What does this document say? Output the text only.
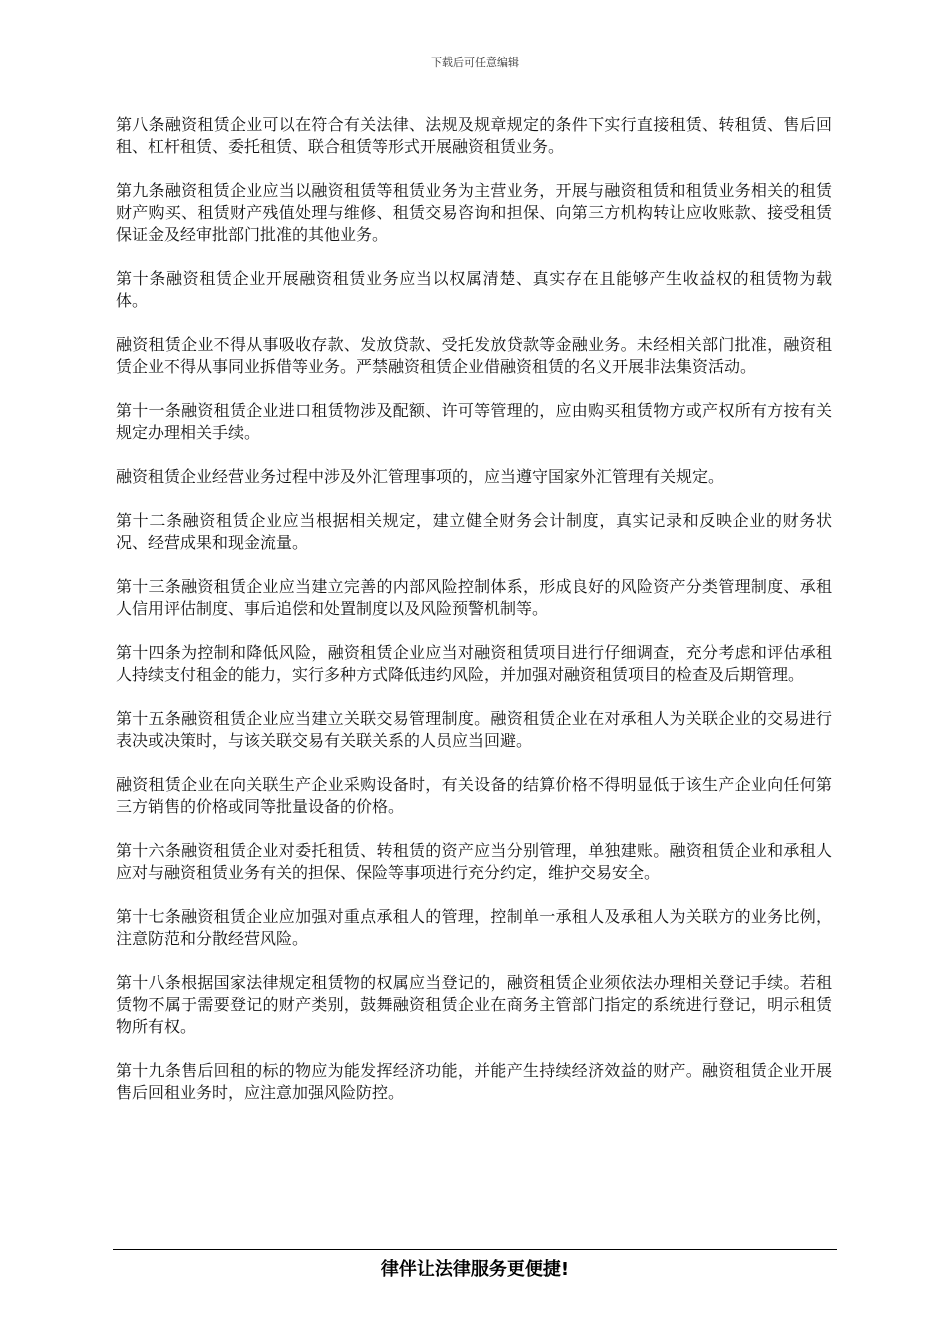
下载后可任意编辑

第八条融资租赁企业可以在符合有关法律、法规及规章规定的条件下实行直接租赁、转租赁、售后回租、杠杆租赁、委托租赁、联合租赁等形式开展融资租赁业务。

第九条融资租赁企业应当以融资租赁等租赁业务为主营业务，开展与融资租赁和租赁业务相关的租赁财产购买、租赁财产残值处理与维修、租赁交易咨询和担保、向第三方机构转让应收账款、接受租赁保证金及经审批部门批准的其他业务。

第十条融资租赁企业开展融资租赁业务应当以权属清楚、真实存在且能够产生收益权的租赁物为载体。

融资租赁企业不得从事吸收存款、发放贷款、受托发放贷款等金融业务。未经相关部门批准，融资租赁企业不得从事同业拆借等业务。严禁融资租赁企业借融资租赁的名义开展非法集资活动。

第十一条融资租赁企业进口租赁物涉及配额、许可等管理的，应由购买租赁物方或产权所有方按有关规定办理相关手续。

融资租赁企业经营业务过程中涉及外汇管理事项的，应当遵守国家外汇管理有关规定。

第十二条融资租赁企业应当根据相关规定，建立健全财务会计制度，真实记录和反映企业的财务状况、经营成果和现金流量。

第十三条融资租赁企业应当建立完善的内部风险控制体系，形成良好的风险资产分类管理制度、承租人信用评估制度、事后追偿和处置制度以及风险预警机制等。

第十四条为控制和降低风险，融资租赁企业应当对融资租赁项目进行仔细调查，充分考虑和评估承租人持续支付租金的能力，实行多种方式降低违约风险，并加强对融资租赁项目的检查及后期管理。

第十五条融资租赁企业应当建立关联交易管理制度。融资租赁企业在对承租人为关联企业的交易进行表决或决策时，与该关联交易有关联关系的人员应当回避。

融资租赁企业在向关联生产企业采购设备时，有关设备的结算价格不得明显低于该生产企业向任何第三方销售的价格或同等批量设备的价格。

第十六条融资租赁企业对委托租赁、转租赁的资产应当分别管理，单独建账。融资租赁企业和承租人应对与融资租赁业务有关的担保、保险等事项进行充分约定，维护交易安全。

第十七条融资租赁企业应加强对重点承租人的管理，控制单一承租人及承租人为关联方的业务比例，注意防范和分散经营风险。

第十八条根据国家法律规定租赁物的权属应当登记的，融资租赁企业须依法办理相关登记手续。若租赁物不属于需要登记的财产类别，鼓舞融资租赁企业在商务主管部门指定的系统进行登记，明示租赁物所有权。

第十九条售后回租的标的物应为能发挥经济功能，并能产生持续经济效益的财产。融资租赁企业开展售后回租业务时，应注意加强风险防控。

律伴让法律服务更便捷!
